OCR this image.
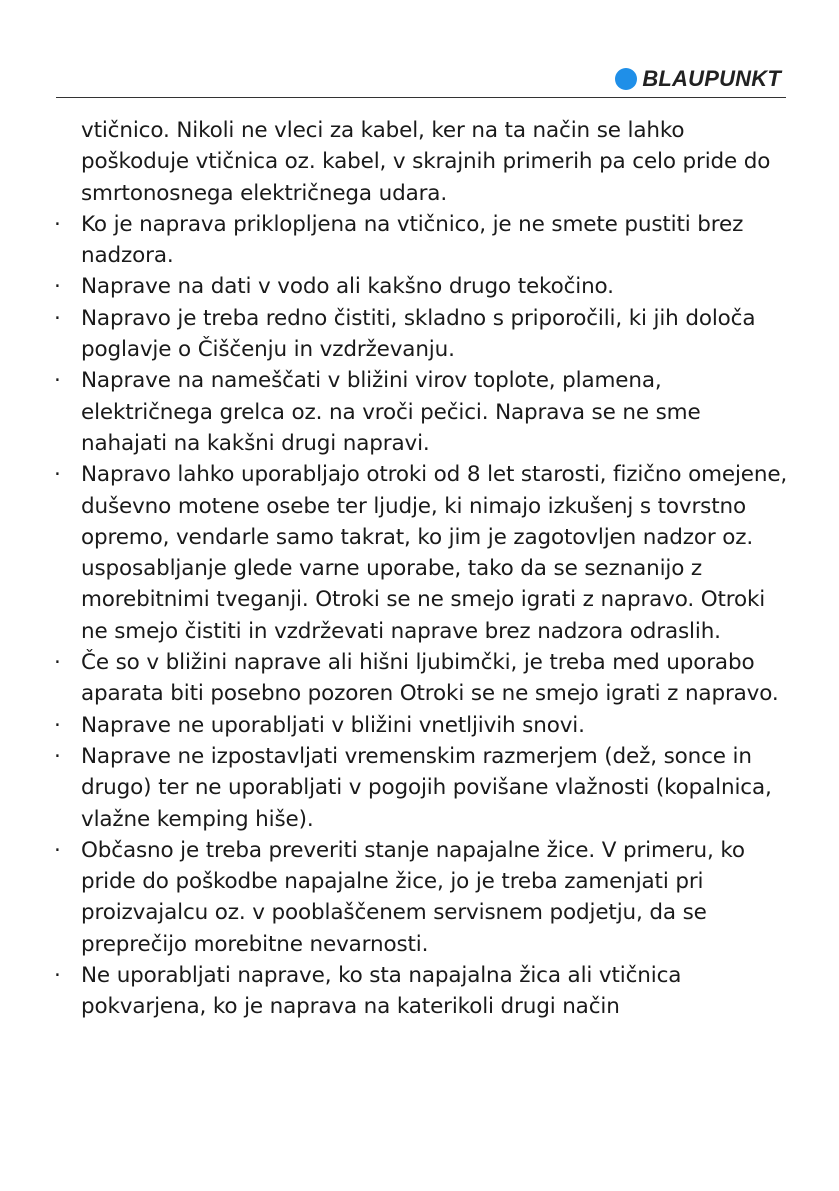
BLAUPUNKT
vtičnico. Nikoli ne vleci za kabel, ker na ta način se lahko poškoduje vtičnica oz. kabel, v skrajnih primerih pa celo pride do smrtonosnega električnega udara.
· Ko je naprava priklopljena na vtičnico, je ne smete pustiti brez nadzora.
· Naprave na dati v vodo ali kakšno drugo tekočino.
· Napravo je treba redno čistiti, skladno s priporočili, ki jih določa poglavje o Čiščenju in vzdrževanju.
· Naprave na nameščati v bližini virov toplote, plamena, električnega grelca oz. na vroči pečici. Naprava se ne sme nahajati na kakšni drugi napravi.
· Napravo lahko uporabljajo otroki od 8 let starosti, fizično omejene, duševno motene osebe ter ljudje, ki nimajo izkušenj s tovrstno opremo, vendarle samo takrat, ko jim je zagotovljen nadzor oz. usposabljanje glede varne uporabe, tako da se seznanijo z morebitnimi tveganji. Otroki se ne smejo igrati z napravo. Otroki ne smejo čistiti in vzdrževati naprave brez nadzora odraslih.
· Če so v bližini naprave ali hišni ljubimčki, je treba med uporabo aparata biti posebno pozoren Otroki se ne smejo igrati z napravo.
· Naprave ne uporabljati v bližini vnetljivih snovi.
· Naprave ne izpostavljati vremenskim razmerjem (dež, sonce in drugo) ter ne uporabljati v pogojih povišane vlažnosti (kopalnica, vlažne kemping hiše).
· Občasno je treba preveriti stanje napajalne žice. V primeru, ko pride do poškodbe napajalne žice, jo je treba zamenjati pri proizvajalcu oz. v pooblaščenem servisnem podjetju, da se preprečijo morebitne nevarnosti.
· Ne uporabljati naprave, ko sta napajalna žica ali vtičnica pokvarjena, ko je naprava na katerikoli drugi način
